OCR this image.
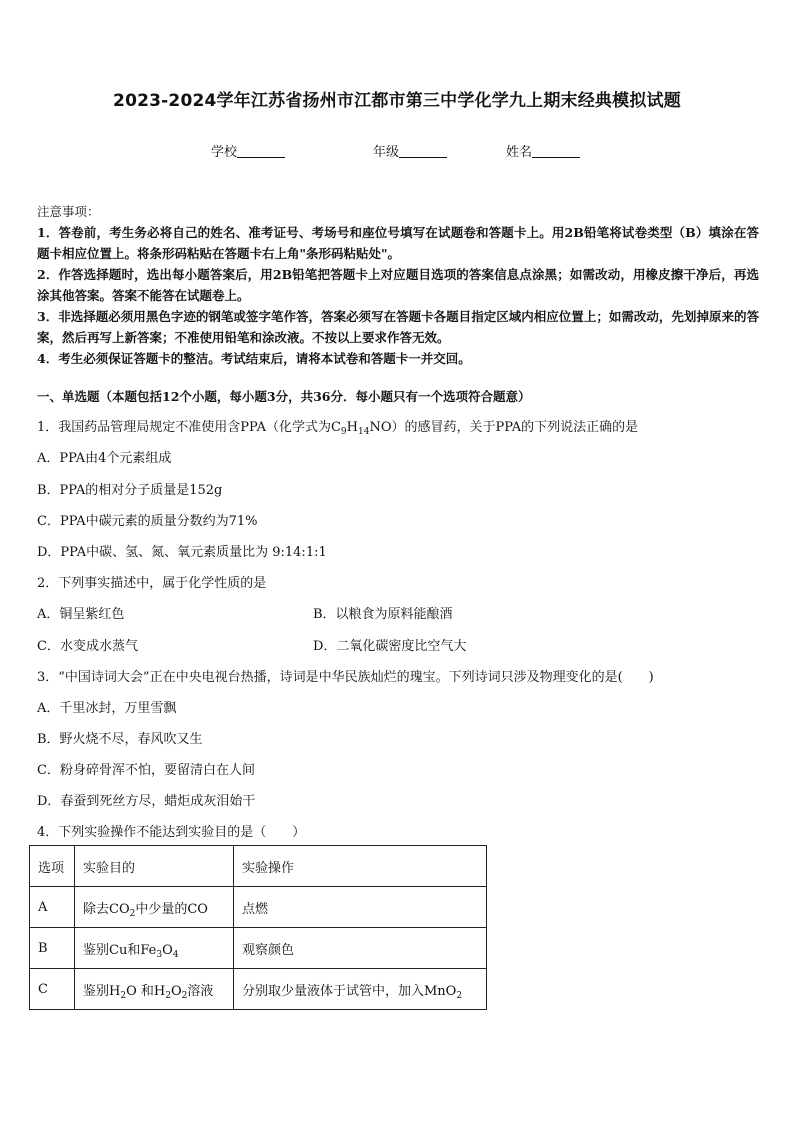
2023-2024学年江苏省扬州市江都市第三中学化学九上期末经典模拟试题
学校	年级	姓名

注意事项：

1．答卷前，考生务必将自己的姓名、准考证号、考场号和座位号填写在试题卷和答题卡上。用2B铅笔将试卷类型（B）填涂在答题卡相应位置上。将条形码粘贴在答题卡右上角"条形码粘贴处"。

2．作答选择题时，选出每小题答案后，用2B铅笔把答题卡上对应题目选项的答案信息点涂黑；如需改动，用橡皮擦干净后，再选涂其他答案。答案不能答在试题卷上。

3．非选择题必须用黑色字迹的钢笔或签字笔作答，答案必须写在答题卡各题目指定区域内相应位置上；如需改动，先划掉原来的答案，然后再写上新答案；不准使用铅笔和涂改液。不按以上要求作答无效。

4．考生必须保证答题卡的整洁。考试结束后，请将本试卷和答题卡一并交回。

一、单选题（本题包括12个小题，每小题3分，共36分．每小题只有一个选项符合题意）
1．我国药品管理局规定不准使用含PPA（化学式为$C_9H_{14}NO$）的感冒药，关于PPA的下列说法正确的是
A．PPA由4个元素组成
B．PPA的相对分子质量是152g
C．PPA中碳元素的质量分数约为71%
D．PPA中碳、氢、氮、氧元素质量比为 9:14:1:1
2．下列事实描述中，属于化学性质的是
A．铜呈紫红色	B．以粮食为原料能酿酒
C．水变成水蒸气	D．二氧化碳密度比空气大
3．“中国诗词大会”正在中央电视台热播，诗词是中华民族灿烂的瑰宝。下列诗词只涉及物理变化的是(　　)
A．千里冰封，万里雪飘
B．野火烧不尽，春风吹又生
C．粉身碎骨浑不怕，要留清白在人间
D．春蚕到死丝方尽，蜡炬成灰泪始干
4．下列实验操作不能达到实验目的是（　　）
选项	实验目的	实验操作
A	除去$CO_2$中少量的CO	点燃
B	鉴别Cu和$Fe_3O_4$	观察颜色
C	鉴别$H_2O$ 和$H_2O_2$溶液	分别取少量液体于试管中，加入MnO$_2$
